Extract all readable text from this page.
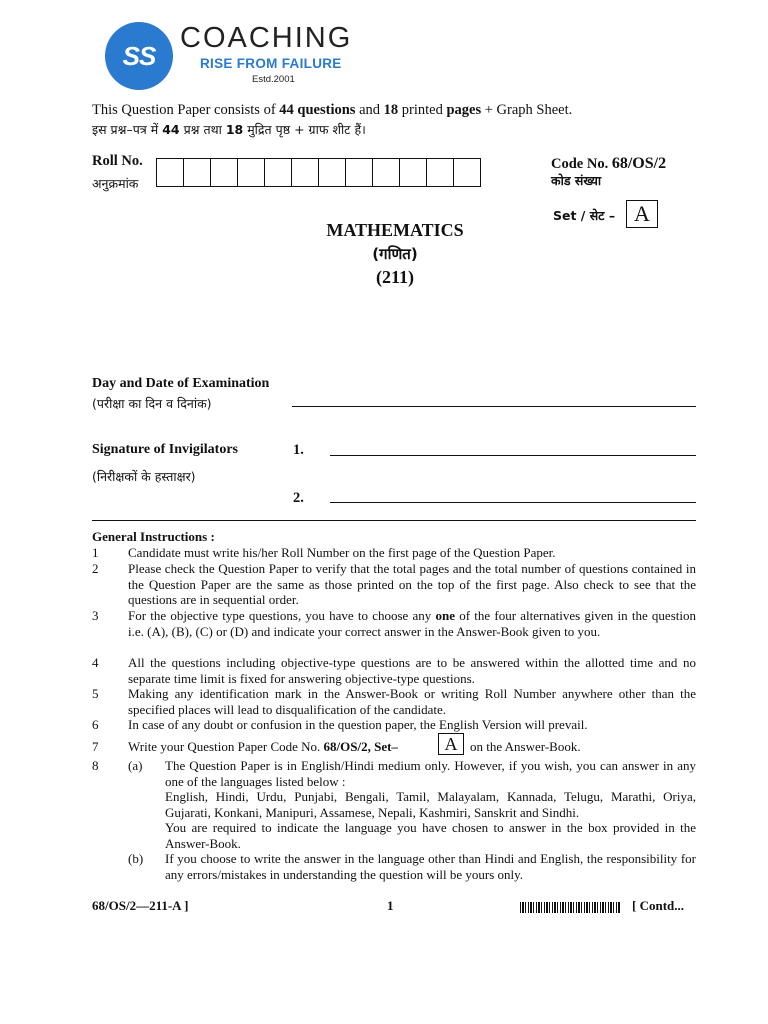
SS
COACHING
RISE FROM FAILURE
Estd.2001
This Question Paper consists of 44 questions and 18 printed pages + Graph Sheet.
इस प्रश्न–पत्र में 44 प्रश्न तथा 18 मुद्रित पृष्ठ + ग्राफ शीट हैं।
Roll No.
अनुक्रमांक
Code No. 68/OS/2
कोड संख्या
Set / सेट – A
MATHEMATICS
(गणित)
(211)
Day and Date of Examination
(परीक्षा का दिन व दिनांक)
Signature of Invigilators
(निरीक्षकों के हस्ताक्षर)
1.
2.
General Instructions :
1 Candidate must write his/her Roll Number on the first page of the Question Paper.
2 Please check the Question Paper to verify that the total pages and the total number of questions contained in the Question Paper are the same as those printed on the top of the first page. Also check to see that the questions are in sequential order.
3 For the objective type questions, you have to choose any one of the four alternatives given in the question i.e. (A), (B), (C) or (D) and indicate your correct answer in the Answer-Book given to you.
4 All the questions including objective-type questions are to be answered within the allotted time and no separate time limit is fixed for answering objective-type questions.
5 Making any identification mark in the Answer-Book or writing Roll Number anywhere other than the specified places will lead to disqualification of the candidate.
6 In case of any doubt or confusion in the question paper, the English Version will prevail.
7 Write your Question Paper Code No. 68/OS/2, Set–	A on the Answer-Book.
8 (a) The Question Paper is in English/Hindi medium only. However, if you wish, you can answer in any one of the languages listed below :
English, Hindi, Urdu, Punjabi, Bengali, Tamil, Malayalam, Kannada, Telugu, Marathi, Oriya, Gujarati, Konkani, Manipuri, Assamese, Nepali, Kashmiri, Sanskrit and Sindhi.
You are required to indicate the language you have chosen to answer in the box provided in the Answer-Book.
(b) If you choose to write the answer in the language other than Hindi and English, the responsibility for any errors/mistakes in understanding the question will be yours only.
68/OS/2—211-A ]	1	[ Contd...
